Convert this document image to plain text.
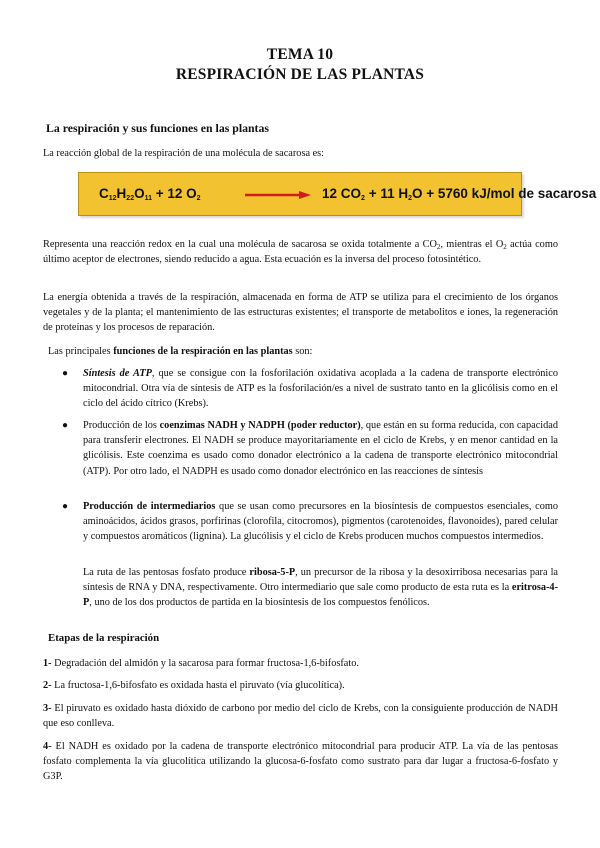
TEMA 10
RESPIRACIÓN DE LAS PLANTAS
La respiración y sus funciones en las plantas

La reacción global de la respiración de una molécula de sacarosa es:

$C_{12}H_{22}O_{11} + 12$ $O_2$	12 $CO_2 + 11$ $H_2O + 5760$ kJ/mol de sacarosa

Representa una reacción redox en la cual una molécula de sacarosa se oxida totalmente a $CO_2$, mientras el $O_2$ actúa como último aceptor de electrones, siendo reducido a agua. Esta ecuación es la inversa del proceso fotosintético.

La energía obtenida a través de la respiración, almacenada en forma de ATP se utiliza para el crecimiento de los órganos vegetales y de la planta; el mantenimiento de las estructuras existentes; el transporte de metabolitos e iones, la regeneración de proteínas y los procesos de reparación.

Las principales funciones de la respiración en las plantas son:

● Síntesis de ATP, que se consigue con la fosforilación oxidativa acoplada a la cadena de transporte electrónico mitocondrial. Otra vía de síntesis de ATP es la fosforilación/es a nivel de sustrato tanto en la glicólisis como en el ciclo del ácido cítrico (Krebs).

● Producción de los coenzimas NADH y NADPH (poder reductor), que están en su forma reducida, con capacidad para transferir electrones. El NADH se produce mayoritariamente en el ciclo de Krebs, y en menor cantidad en la glicólisis. Este coenzima es usado como donador electrónico a la cadena de transporte electrónico mitocondrial (ATP). Por otro lado, el NADPH es usado como donador electrónico en las reacciones de síntesis

● Producción de intermediarios que se usan como precursores en la biosíntesis de compuestos esenciales, como aminoácidos, ácidos grasos, porfirinas (clorofila, citocromos), pigmentos (carotenoides, flavonoides), pared celular y compuestos aromáticos (lignina). La glucólisis y el ciclo de Krebs producen muchos compuestos intermedios.

La ruta de las pentosas fosfato produce ribosa-5-P, un precursor de la ribosa y la desoxirribosa necesarias para la síntesis de RNA y DNA, respectivamente. Otro intermediario que sale como producto de esta ruta es la eritrosa-4-P, uno de los dos productos de partida en la biosíntesis de los compuestos fenólicos.

Etapas de la respiración

1- Degradación del almidón y la sacarosa para formar fructosa-1,6-bifosfato.

2- La fructosa-1,6-bifosfato es oxidada hasta el piruvato (vía glucolítica).

3- El piruvato es oxidado hasta dióxido de carbono por medio del ciclo de Krebs, con la consiguiente producción de NADH que eso conlleva.

4- El NADH es oxidado por la cadena de transporte electrónico mitocondrial para producir ATP. La vía de las pentosas fosfato complementa la vía glucolítica utilizando la glucosa-6-fosfato como sustrato para dar lugar a fructosa-6-fosfato y G3P.
